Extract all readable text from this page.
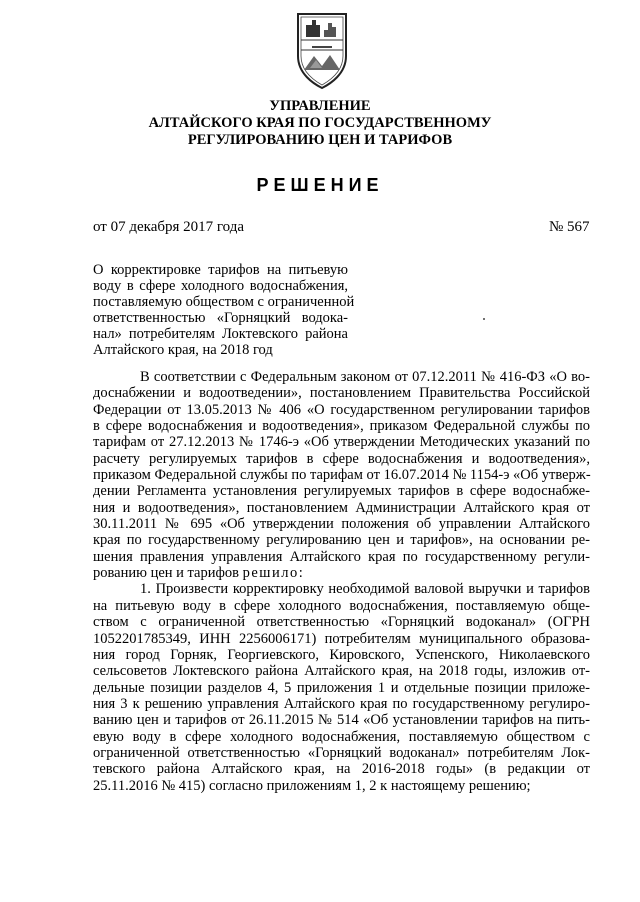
УПРАВЛЕНИЕ
АЛТАЙСКОГО КРАЯ ПО ГОСУДАРСТВЕННОМУ
РЕГУЛИРОВАНИЮ ЦЕН И ТАРИФОВ
РЕШЕНИЕ
от 07 декабря 2017 года	№ 567
О корректировке тарифов на питьевую
воду в сфере холодного водоснабжения,
поставляемую обществом с ограниченной
ответственностью «Горняцкий водока-
нал» потребителям Локтевского района
Алтайского края, на 2018 год
В соответствии с Федеральным законом от 07.12.2011 № 416-ФЗ «О во-
доснабжении и водоотведении», постановлением Правительства Российской
Федерации от 13.05.2013 № 406 «О государственном регулировании тарифов
в сфере водоснабжения и водоотведения», приказом Федеральной службы по
тарифам от 27.12.2013 № 1746-э «Об утверждении Методических указаний по
расчету регулируемых тарифов в сфере водоснабжения и водоотведения»,
приказом Федеральной службы по тарифам от 16.07.2014 № 1154-э «Об утверж-
дении Регламента установления регулируемых тарифов в сфере водоснабже-
ния и водоотведения», постановлением Администрации Алтайского края от
30.11.2011 № 695 «Об утверждении положения об управлении Алтайского
края по государственному регулированию цен и тарифов», на основании ре-
шения правления управления Алтайского края по государственному регули-
рованию цен и тарифов решило:
1. Произвести корректировку необходимой валовой выручки и тарифов
на питьевую воду в сфере холодного водоснабжения, поставляемую обще-
ством с ограниченной ответственностью «Горняцкий водоканал» (ОГРН
1052201785349, ИНН 2256006171) потребителям муниципального образова-
ния город Горняк, Георгиевского, Кировского, Успенского, Николаевского
сельсоветов Локтевского района Алтайского края, на 2018 годы, изложив от-
дельные позиции разделов 4, 5 приложения 1 и отдельные позиции приложе-
ния 3 к решению управления Алтайского края по государственному регулиро-
ванию цен и тарифов от 26.11.2015 № 514 «Об установлении тарифов на пить-
евую воду в сфере холодного водоснабжения, поставляемую обществом с
ограниченной ответственностью «Горняцкий водоканал» потребителям Лок-
тевского района Алтайского края, на 2016-2018 годы» (в редакции от
25.11.2016 № 415) согласно приложениям 1, 2 к настоящему решению;
